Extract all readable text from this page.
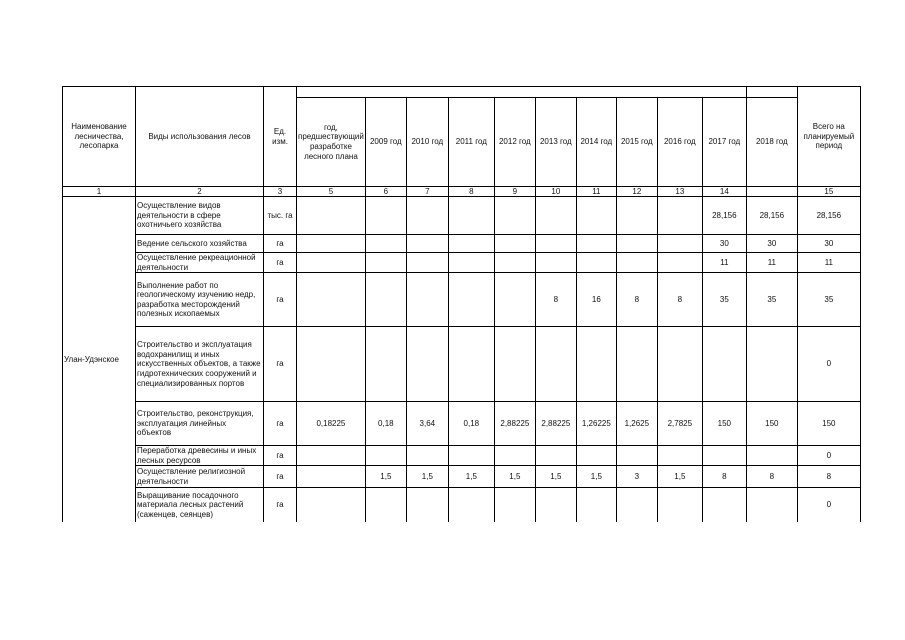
Наименование лесничества, лесопарка	Виды использования лесов	Ед. изм.												Всего на планируемый период
			год, предшествующий разработке лесного плана	2009 год	2010 год	2011 год	2012 год	2013 год	2014 год	2015 год	2016 год	2017 год	2018 год	
1	2	3	5	6	7	8	9	10	11	12	13	14		15
Улан-Удэнское	Осуществление видов деятельности в сфере охотничьего хозяйства	тыс. га										28,156	28,156	28,156
	Ведение сельского хозяйства	га										30	30	30
	Осуществление рекреационной деятельности	га										11	11	11
	Выполнение работ по геологическому изучению недр, разработка месторождений полезных ископаемых	га						8	16	8	8	35	35	35
	Строительство и эксплуатация водохранилищ и иных искусственных объектов, а также гидротехнических сооружений и специализированных портов	га												0
	Строительство, реконструкция, эксплуатация линейных объектов	га	0,18225	0,18	3,64	0,18	2,88225	2,88225	1,26225	1,2625	2,7825	150	150	150
	Переработка древесины и иных лесных ресурсов	га												0
	Осуществление религиозной деятельности	га		1,5	1,5	1,5	1,5	1,5	1,5	3	1,5	8	8	8
	Выращивание посадочного материала лесных растений (саженцев, сеянцев)	га												0
